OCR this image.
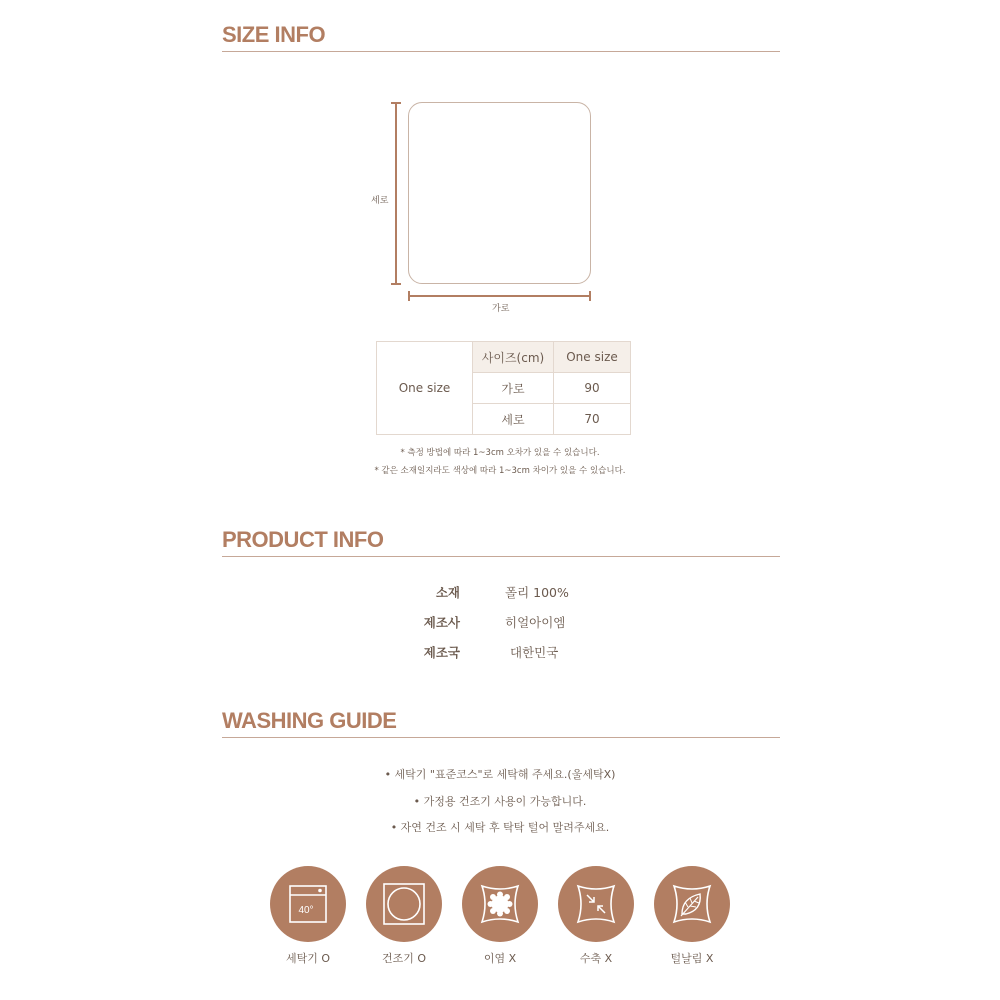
SIZE INFO
세로
가로
One size	사이즈(cm)	One size
	가로	90
	세로	70
* 측정 방법에 따라 1~3cm 오차가 있을 수 있습니다.
* 같은 소재일지라도 색상에 따라 1~3cm 차이가 있을 수 있습니다.
PRODUCT INFO
소재	폴리 100%
제조사	히얼아이엠
제조국	대한민국
WASHING GUIDE
• 세탁기 "표준코스"로 세탁해 주세요.(울세탁X)
• 가정용 건조기 사용이 가능합니다.
• 자연 건조 시 세탁 후 탁탁 털어 말려주세요.
40°
세탁기 O	건조기 O	이염 X	수축 X	털날림 X
